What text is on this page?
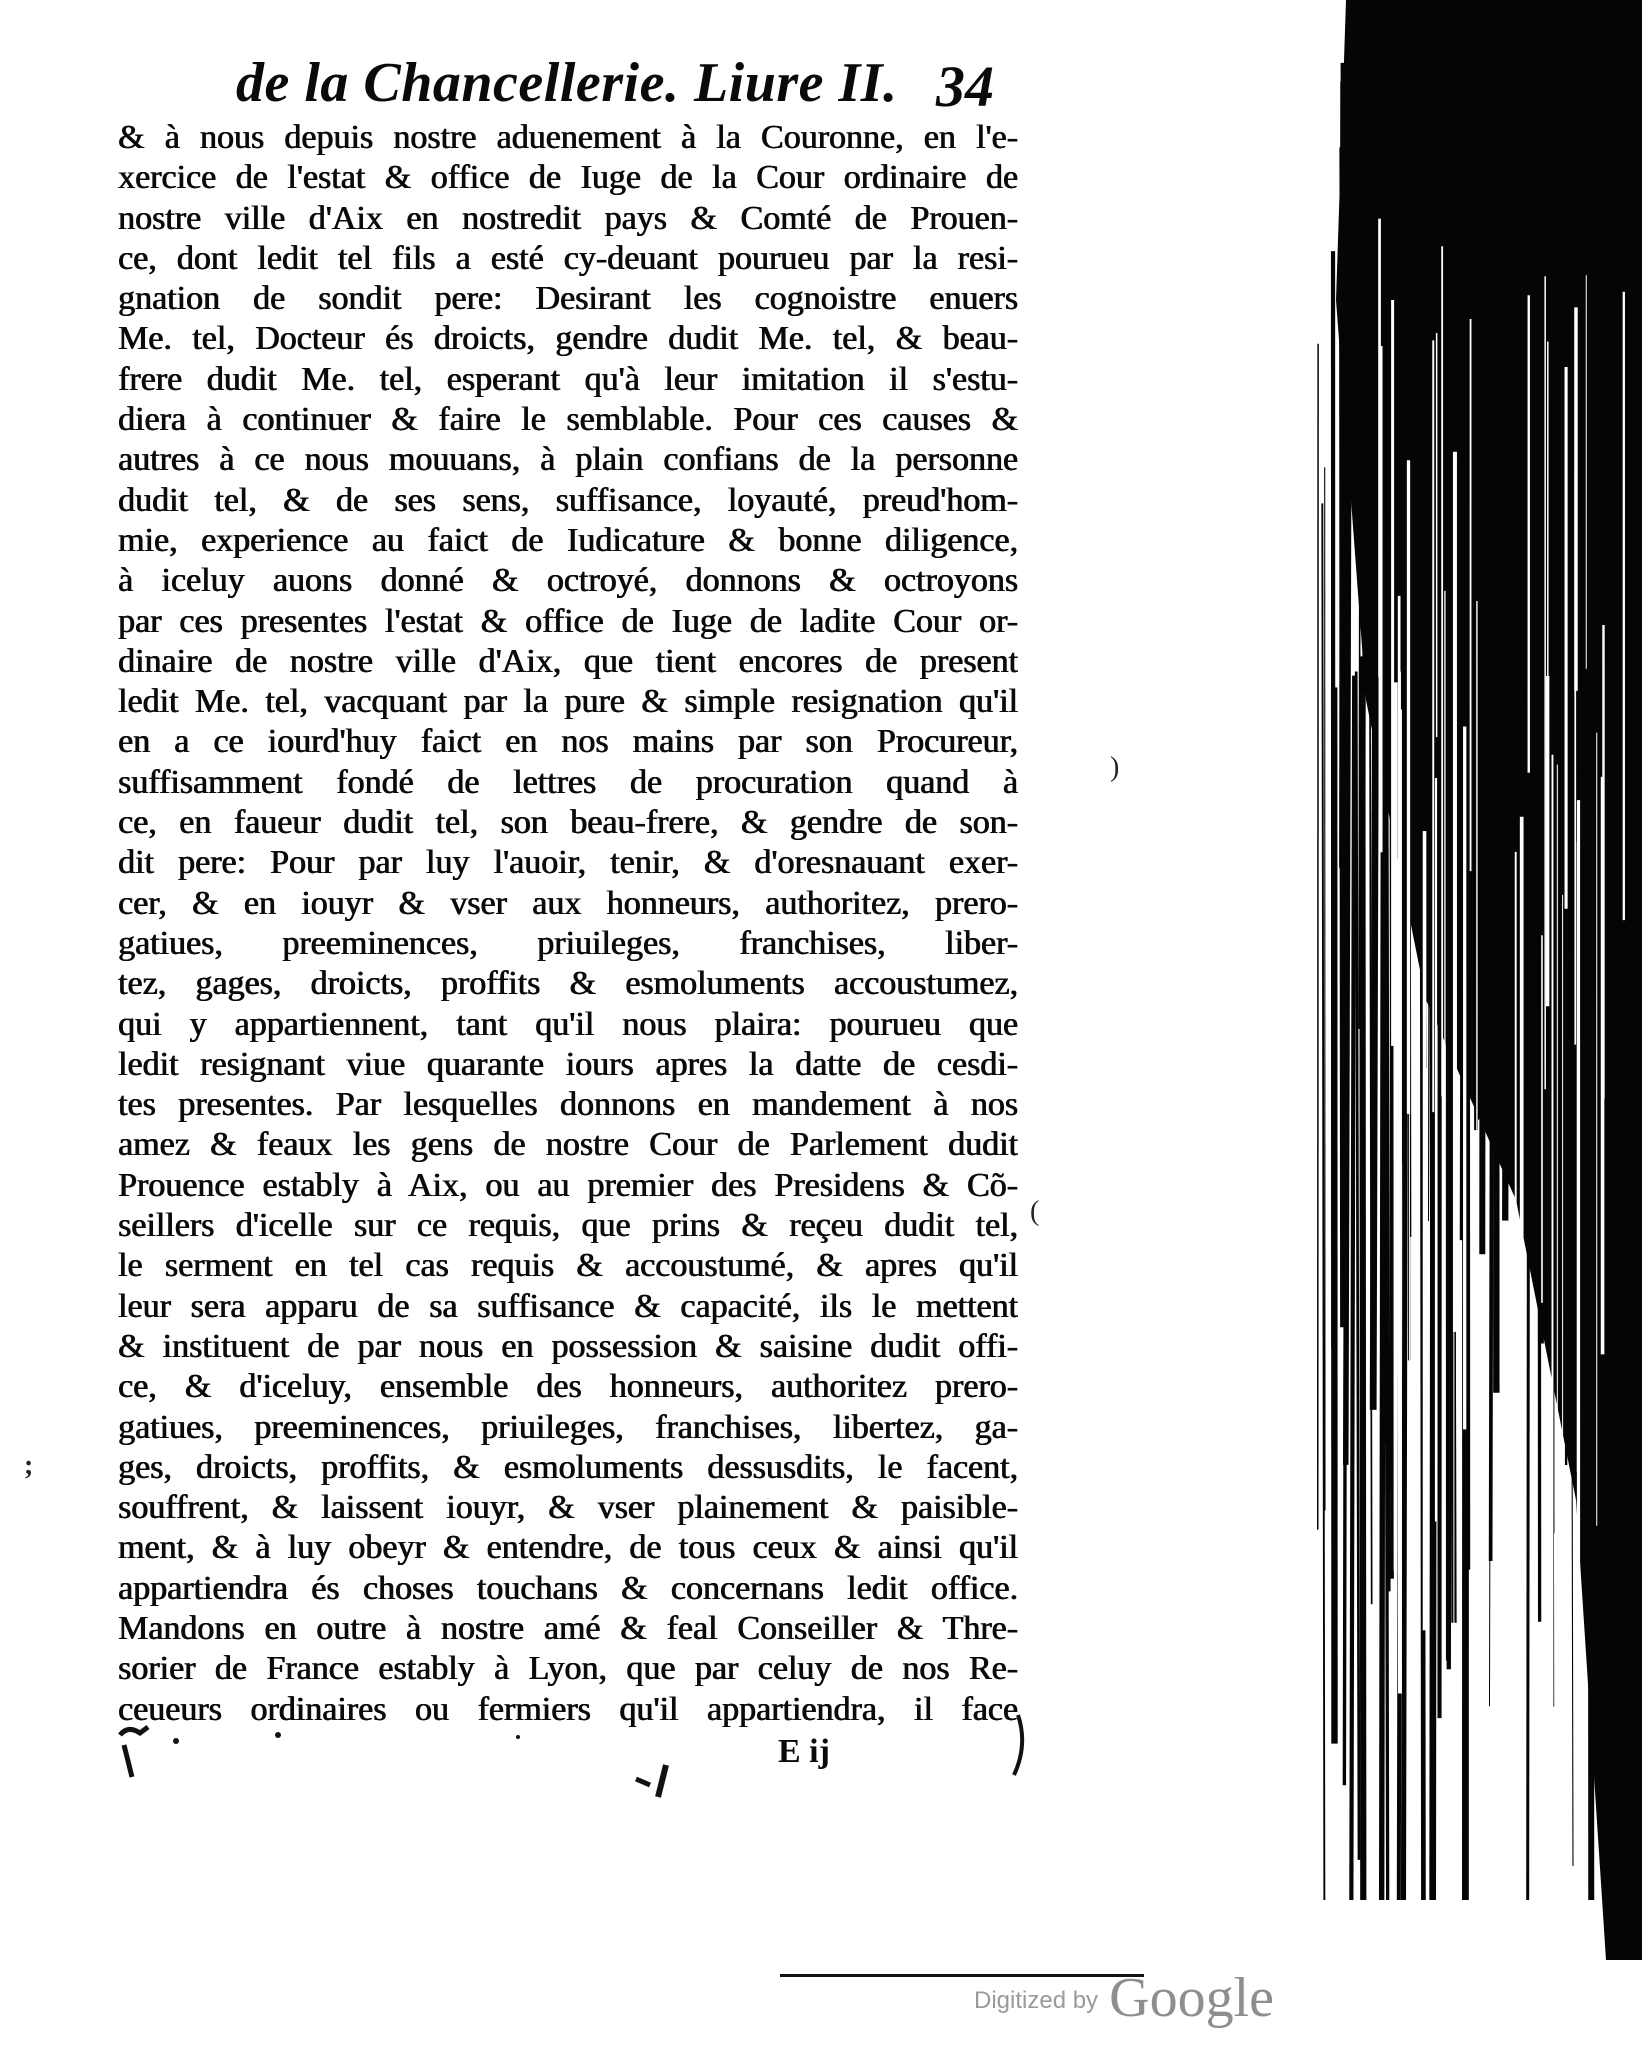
de la Chancellerie. Liure II. 34
& à nous depuis nostre aduenement à la Couronne, en l'e-
xercice de l'estat & office de Iuge de la Cour ordinaire de
nostre ville d'Aix en nostredit pays & Comté de Prouen-
ce, dont ledit tel fils a esté cy-deuant pourueu par la resi-
gnation de sondit pere: Desirant les cognoistre enuers
Me. tel, Docteur és droicts, gendre dudit Me. tel, & beau-
frere dudit Me. tel, esperant qu'à leur imitation il s'estu-
diera à continuer & faire le semblable. Pour ces causes &
autres à ce nous mouuans, à plain confians de la personne
dudit tel, & de ses sens, suffisance, loyauté, preud'hom-
mie, experience au faict de Iudicature & bonne diligence,
à iceluy auons donné & octroyé, donnons & octroyons
par ces presentes l'estat & office de Iuge de ladite Cour or-
dinaire de nostre ville d'Aix, que tient encores de present
ledit Me. tel, vacquant par la pure & simple resignation qu'il
en a ce iourd'huy faict en nos mains par son Procureur,
suffisamment fondé de lettres de procuration quand à
ce, en faueur dudit tel, son beau-frere, & gendre de son-
dit pere: Pour par luy l'auoir, tenir, & d'oresnauant exer-
cer, & en iouyr & vser aux honneurs, authoritez, prero-
gatiues, preeminences, priuileges, franchises, liber-
tez, gages, droicts, proffits & esmoluments accoustumez,
qui y appartiennent, tant qu'il nous plaira: pourueu que
ledit resignant viue quarante iours apres la datte de cesdi-
tes presentes. Par lesquelles donnons en mandement à nos
amez & feaux les gens de nostre Cour de Parlement dudit
Prouence estably à Aix, ou au premier des Presidens & Cõ-
seillers d'icelle sur ce requis, que prins & reçeu dudit tel,
le serment en tel cas requis & accoustumé, & apres qu'il
leur sera apparu de sa suffisance & capacité, ils le mettent
& instituent de par nous en possession & saisine dudit offi-
ce, & d'iceluy, ensemble des honneurs, authoritez prero-
gatiues, preeminences, priuileges, franchises, libertez, ga-
ges, droicts, proffits, & esmoluments dessusdits, le facent,
souffrent, & laissent iouyr, & vser plainement & paisible-
ment, & à luy obeyr & entendre, de tous ceux & ainsi qu'il
appartiendra és choses touchans & concernans ledit office.
Mandons en outre à nostre amé & feal Conseiller & Thre-
sorier de France estably à Lyon, que par celuy de nos Re-
ceueurs ordinaires ou fermiers qu'il appartiendra, il face
E ij
)
(
;
Digitized by Google
